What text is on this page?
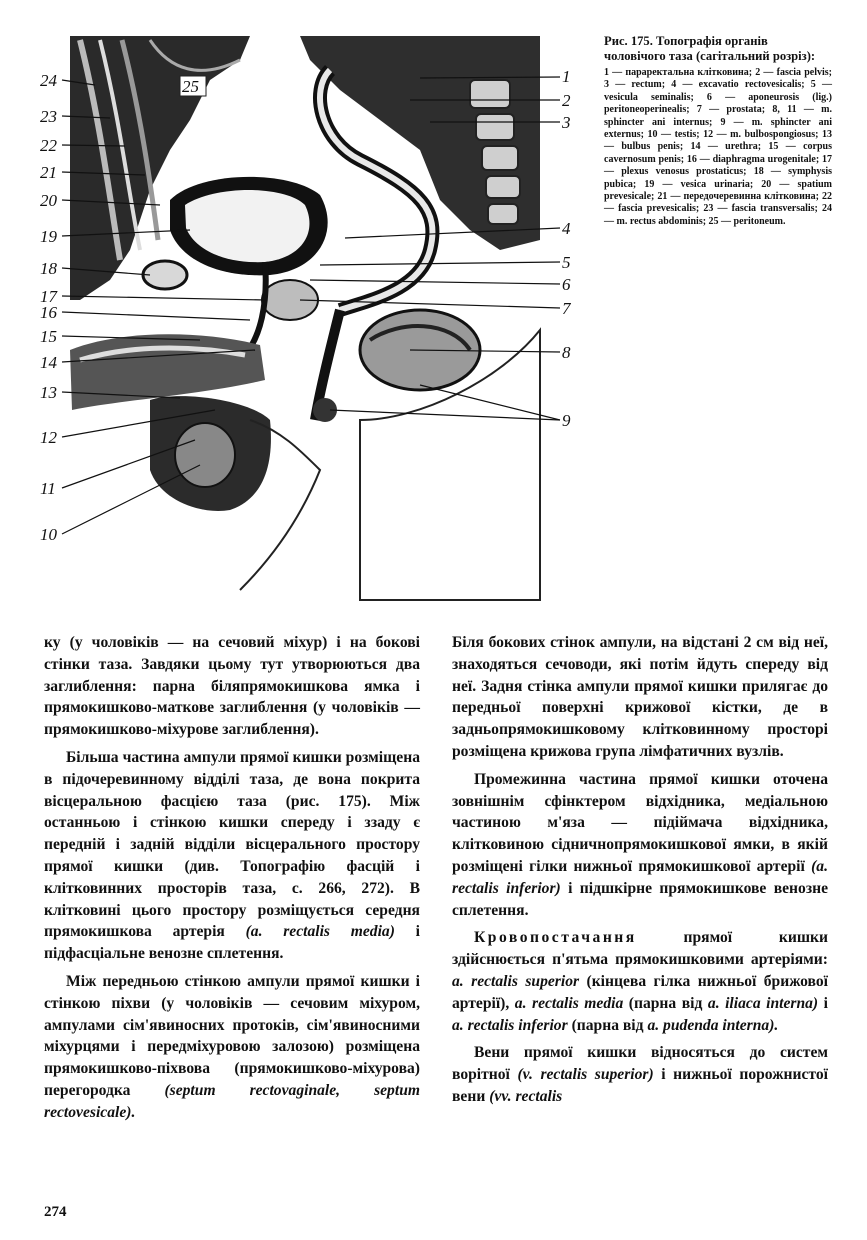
24
23
22
21
20
19
18
17
16
15
14
13
12
11
10
1
2
3
4
5
6
7
8
9
25

Рис. 175. Топографія органів чоловічого таза (сагітальний розріз):

1 — параректальна клітковина; 2 — fascia pelvis; 3 — rectum; 4 — excavatio rectovesicalis; 5 — vesicula seminalis; 6 — aponeurosis (lig.) peritoneoperinealis; 7 — prostata; 8, 11 — m. sphincter ani internus; 9 — m. sphincter ani externus; 10 — testis; 12 — m. bulbospongiosus; 13 — bulbus penis; 14 — urethra; 15 — corpus cavernosum penis; 16 — diaphragma urogenitale; 17 — plexus venosus prostaticus; 18 — symphysis pubica; 19 — vesica urinaria; 20 — spatium prevesicale; 21 — передочеревинна клітковина; 22 — fascia prevesicalis; 23 — fascia transversalis; 24 — m. rectus abdominis; 25 — peritoneum.

ку (у чоловіків — на сечовий міхур) і на бокові стінки таза. Завдяки цьому тут утворюються два заглиблення: парна біляпрямокишкова ямка і прямокишково-маткове заглиблення (у чоловіків — прямокишково-міхурове заглиблення).

Більша частина ампули прямої кишки розміщена в підочеревинному відділі таза, де вона покрита вісцеральною фасцією таза (рис. 175). Між останньою і стінкою кишки спереду і ззаду є передній і задній відділи вісцерального простору прямої кишки (див. Топографію фасцій і клітковинних просторів таза, с. 266, 272). В клітковині цього простору розміщується середня прямокишкова артерія (a. rectalis media) і підфасціальне венозне сплетення.

Між передньою стінкою ампули прямої кишки і стінкою піхви (у чоловіків — сечовим міхуром, ампулами сім'явиносних протоків, сім'явиносними міхурцями і передміхуровою залозою) розміщена прямокишково-піхвова (прямокишково-міхурова) перегородка (septum rectovaginale, septum rectovesicale).

Біля бокових стінок ампули, на відстані 2 см від неї, знаходяться сечоводи, які потім йдуть спереду від неї. Задня стінка ампули прямої кишки прилягає до передньої поверхні крижової кістки, де в задньопрямокишковому клітковинному просторі розміщена крижова група лімфатичних вузлів.

Промежинна частина прямої кишки оточена зовнішнім сфінктером відхідника, медіальною частиною м'яза — підіймача відхідника, клітковиною сідничнопрямокишкової ямки, в якій розміщені гілки нижньої прямокишкової артерії (a. rectalis inferior) і підшкірне прямокишкове венозне сплетення.

Кровопостачання	прямої кишки здійснюється п'ятьма прямокишковими артеріями: a. rectalis superior (кінцева гілка нижньої брижової артерії), a. rectalis media (парна від a. iliaca interna) і a. rectalis inferior (парна від a. pudenda interna).

Вени прямої кишки відносяться до систем ворітної (v. rectalis superior) і нижньої порожнистої вени (vv. rectalis

274
